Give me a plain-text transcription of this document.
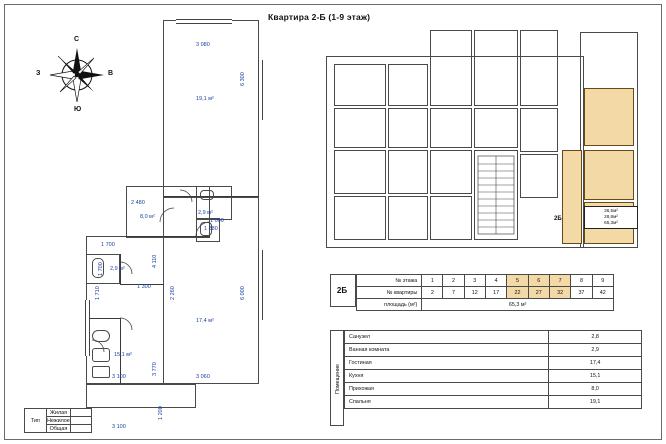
С
Ю
В
З
19,1 м²
8,0 м²
2,9 м²
2,9 м²
17,4 м²
15,1 м²
3 080
6 300
2 480
1 700
1 700
1 880
4 110
1 300	2 260	6 000
3 770
3 100	3 060
3 100
1 200
1 000
1 710
Квартира 2-Б (1-9 этаж)
36,5м²
28,8м²
65,3м²
2Б
№ этажа	1	2	3	4	5	6	7	8	9
№ квартиры	2	7	12	17	22	27	32	37	42
площадь (м²)	65,3 м²								
2Б
Помещение
Санузел	2,8
Ванная комната	2,9
Гостиная	17,4
Кухня	15,1
Прихожая	8,0
Спальня	19,1
Тип	Жилая	
	Нежилое	
	Общая	
